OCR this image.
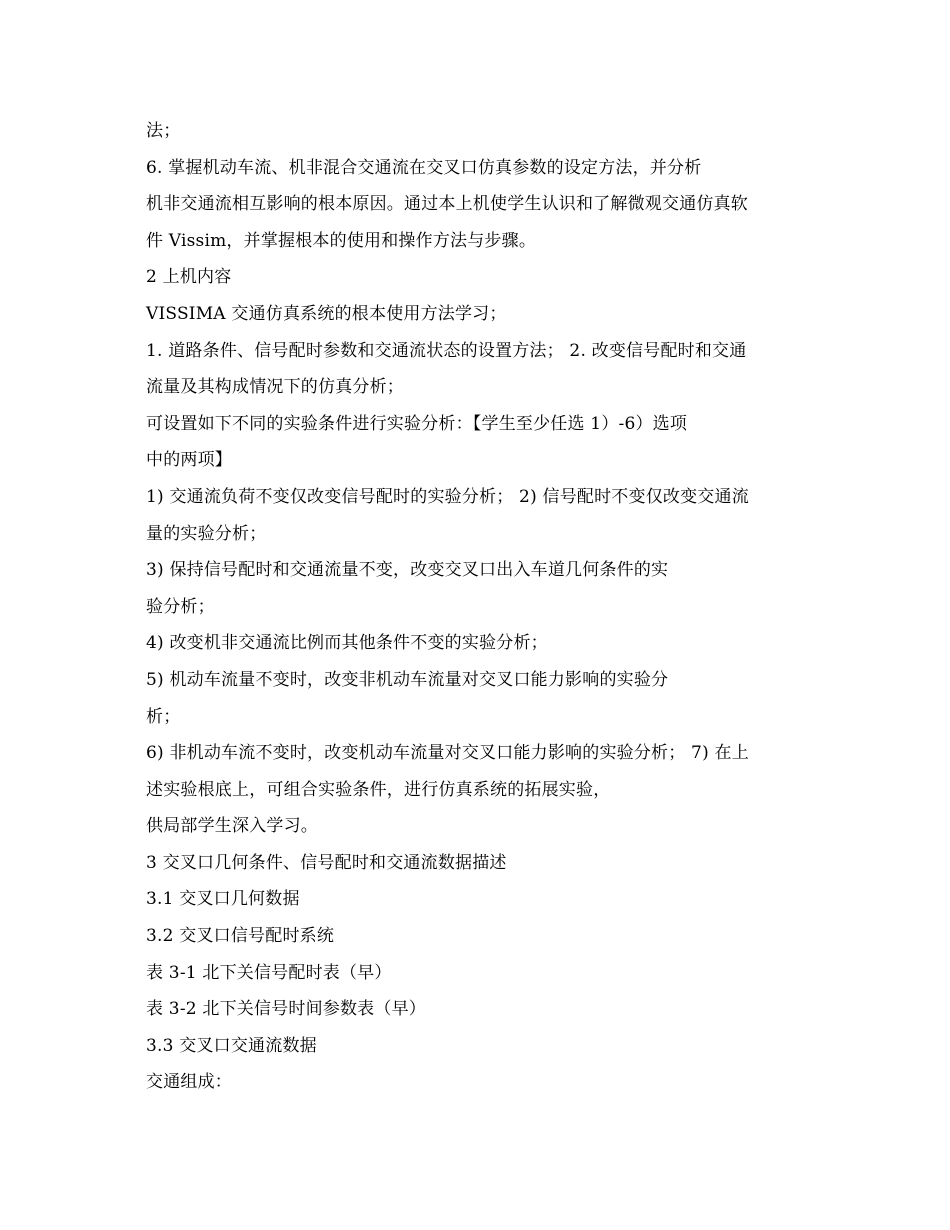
法；
6. 掌握机动车流、机非混合交通流在交叉口仿真参数的设定方法，并分析
机非交通流相互影响的根本原因。通过本上机使学生认识和了解微观交通仿真软
件 Vissim，并掌握根本的使用和操作方法与步骤。
2 上机内容
VISSIMA 交通仿真系统的根本使用方法学习；
1. 道路条件、信号配时参数和交通流状态的设置方法； 2. 改变信号配时和交通
流量及其构成情况下的仿真分析；
可设置如下不同的实验条件进行实验分析：【学生至少任选 1）-6）选项
中的两项】
1) 交通流负荷不变仅改变信号配时的实验分析； 2) 信号配时不变仅改变交通流
量的实验分析；
3) 保持信号配时和交通流量不变，改变交叉口出入车道几何条件的实
验分析；
4) 改变机非交通流比例而其他条件不变的实验分析；
5) 机动车流量不变时，改变非机动车流量对交叉口能力影响的实验分
析；
6) 非机动车流不变时，改变机动车流量对交叉口能力影响的实验分析； 7) 在上
述实验根底上，可组合实验条件，进行仿真系统的拓展实验，
供局部学生深入学习。
3 交叉口几何条件、信号配时和交通流数据描述
3.1 交叉口几何数据
3.2 交叉口信号配时系统
表 3-1 北下关信号配时表（早）
表 3-2 北下关信号时间参数表（早）
3.3 交叉口交通流数据
交通组成：
